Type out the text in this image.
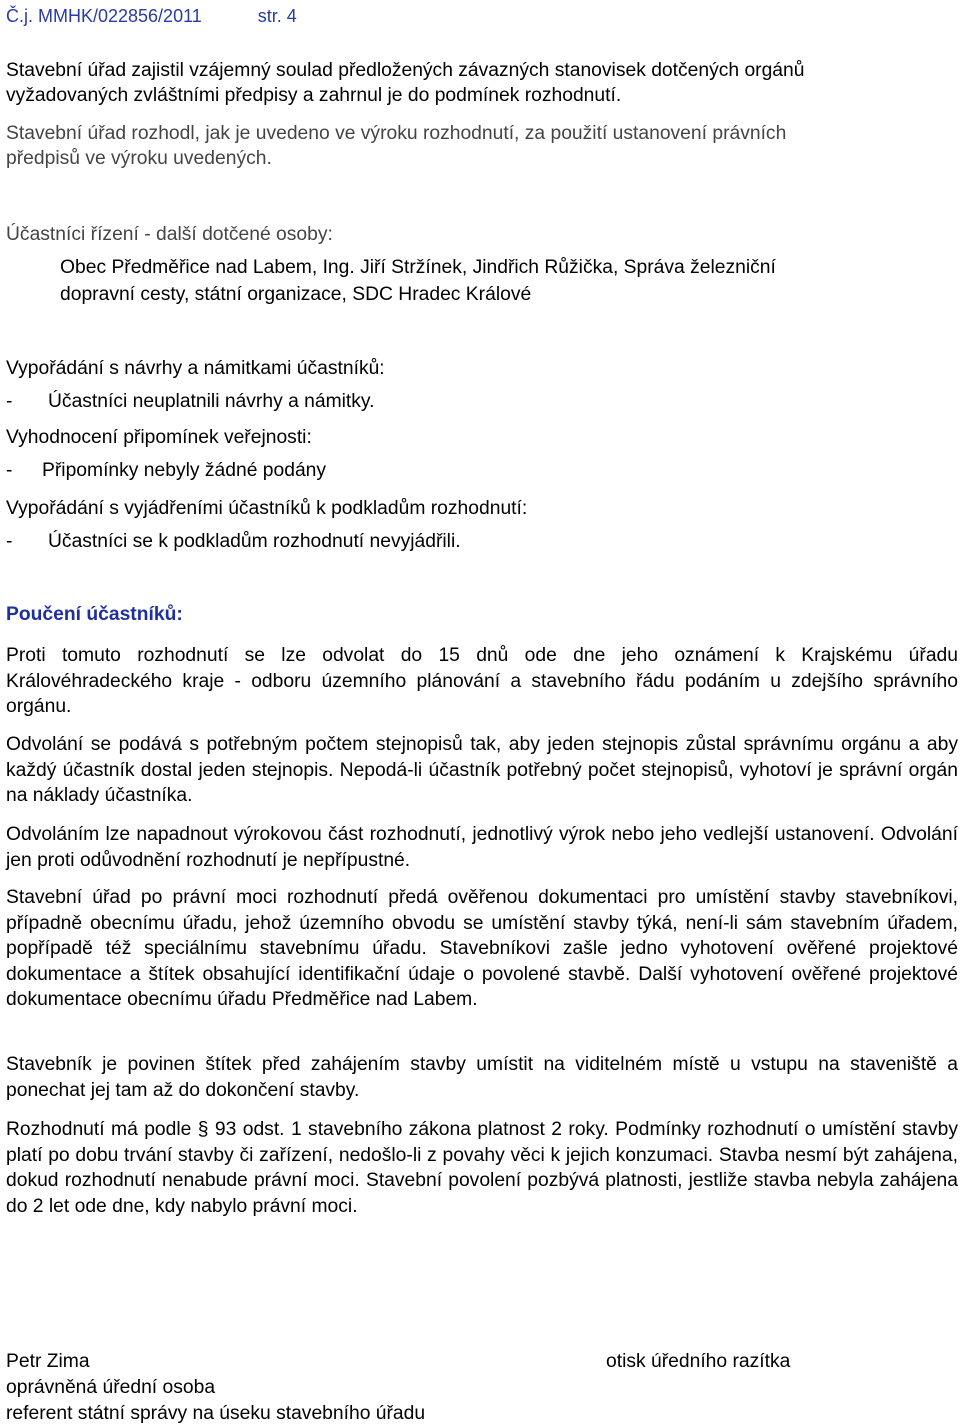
Č.j. MMHK/022856/2011	str. 4
Stavební úřad zajistil vzájemný soulad předložených závazných stanovisek dotčených orgánů
vyžadovaných zvláštními předpisy a zahrnul je do podmínek rozhodnutí.
Stavební úřad rozhodl, jak je uvedeno ve výroku rozhodnutí, za použití ustanovení právních
předpisů ve výroku uvedených.
Účastníci řízení - další dotčené osoby:
Obec Předměřice nad Labem, Ing. Jiří Stržínek, Jindřich Růžička, Správa železniční
dopravní cesty, státní organizace, SDC Hradec Králové
Vypořádání s návrhy a námitkami účastníků:
- Účastníci neuplatnili návrhy a námitky.
Vyhodnocení připomínek veřejnosti:
- Připomínky nebyly žádné podány
Vypořádání s vyjádřeními účastníků k podkladům rozhodnutí:
- Účastníci se k podkladům rozhodnutí nevyjádřili.
Poučení účastníků:
Proti tomuto rozhodnutí se lze odvolat do 15 dnů ode dne jeho oznámení k Krajskému úřadu Královéhradeckého kraje - odboru územního plánování a stavebního řádu podáním u zdejšího správního orgánu.
Odvolání se podává s potřebným počtem stejnopisů tak, aby jeden stejnopis zůstal správnímu orgánu a aby každý účastník dostal jeden stejnopis. Nepodá-li účastník potřebný počet stejnopisů, vyhotoví je správní orgán na náklady účastníka.
Odvoláním lze napadnout výrokovou část rozhodnutí, jednotlivý výrok nebo jeho vedlejší ustanovení. Odvolání jen proti odůvodnění rozhodnutí je nepřípustné.
Stavební úřad po právní moci rozhodnutí předá ověřenou dokumentaci pro umístění stavby stavebníkovi, případně obecnímu úřadu, jehož územního obvodu se umístění stavby týká, není-li sám stavebním úřadem, popřípadě též speciálnímu stavebnímu úřadu. Stavebníkovi zašle jedno vyhotovení ověřené projektové dokumentace a štítek obsahující identifikační údaje o povolené stavbě. Další vyhotovení ověřené projektové dokumentace obecnímu úřadu Předměřice nad Labem.
Stavebník je povinen štítek před zahájením stavby umístit na viditelném místě u vstupu na staveniště a ponechat jej tam až do dokončení stavby.
Rozhodnutí má podle § 93 odst. 1 stavebního zákona platnost 2 roky. Podmínky rozhodnutí o umístění stavby platí po dobu trvání stavby či zařízení, nedošlo-li z povahy věci k jejich konzumaci. Stavba nesmí být zahájena, dokud rozhodnutí nenabude právní moci. Stavební povolení pozbývá platnosti, jestliže stavba nebyla zahájena do 2 let ode dne, kdy nabylo právní moci.
Petr Zima
oprávněná úřední osoba
referent státní správy na úseku stavebního úřadu
otisk úředního razítka
